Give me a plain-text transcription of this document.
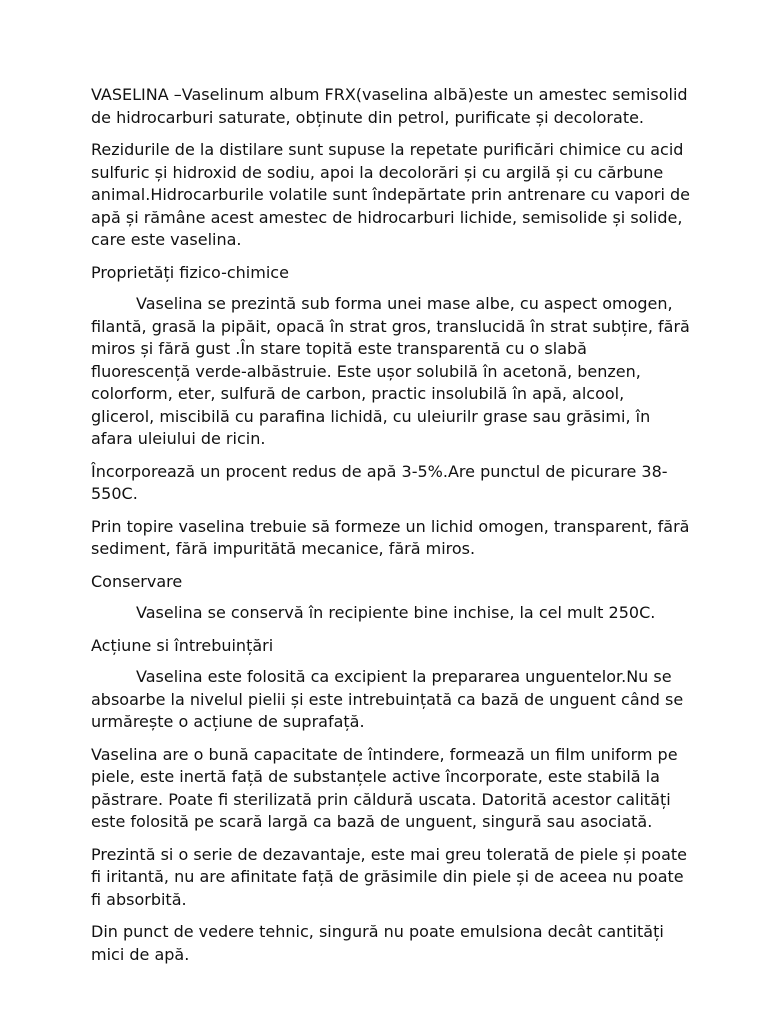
VASELINA –Vaselinum album FRX(vaselina albă)este un amestec semisolid de hidrocarburi saturate, obținute din petrol, purificate și decolorate.

Rezidurile de la distilare sunt supuse la repetate purificări chimice cu acid sulfuric și hidroxid de sodiu, apoi la decolorări și cu argilă și cu cărbune animal.Hidrocarburile volatile sunt îndepărtate prin antrenare cu vapori de apă și rămâne acest amestec de hidrocarburi lichide, semisolide și solide, care este vaselina.

Proprietăți fizico-chimice

Vaselina se prezintă sub forma unei mase albe, cu aspect omogen, filantă, grasă la pipăit, opacă în strat gros, translucidă în strat subțire, fără miros și fără gust .În stare topită este transparentă cu o slabă fluorescență verde-albăstruie. Este ușor solubilă în acetonă, benzen, colorform, eter, sulfură de carbon, practic insolubilă în apă, alcool, glicerol, miscibilă cu parafina lichidă, cu uleiurilr grase sau grăsimi, în afara uleiului de ricin.

Încorporează un procent redus de apă 3-5%.Are punctul de picurare 38-550C.

Prin topire vaselina trebuie să formeze un lichid omogen, transparent, fără sediment, fără impuritătă mecanice, fără miros.

Conservare

Vaselina se conservă în recipiente bine inchise, la cel mult 250C.

Acțiune si întrebuințări

Vaselina este folosită ca excipient la prepararea unguentelor.Nu se absoarbe la nivelul pielii și este intrebuințată ca bază de unguent când se urmărește o acțiune de suprafață.

Vaselina are o bună capacitate de întindere, formează un film uniform pe piele, este inertă față de substanțele active încorporate, este stabilă la păstrare. Poate fi sterilizată prin căldură uscata. Datorită acestor calități este folosită pe scară largă ca bază de unguent, singură sau asociată.

Prezintă si o serie de dezavantaje, este mai greu tolerată de piele și poate fi iritantă, nu are afinitate față de grăsimile din piele și de aceea nu poate fi absorbită.

Din punct de vedere tehnic, singură nu poate emulsiona decât cantități mici de apă.
